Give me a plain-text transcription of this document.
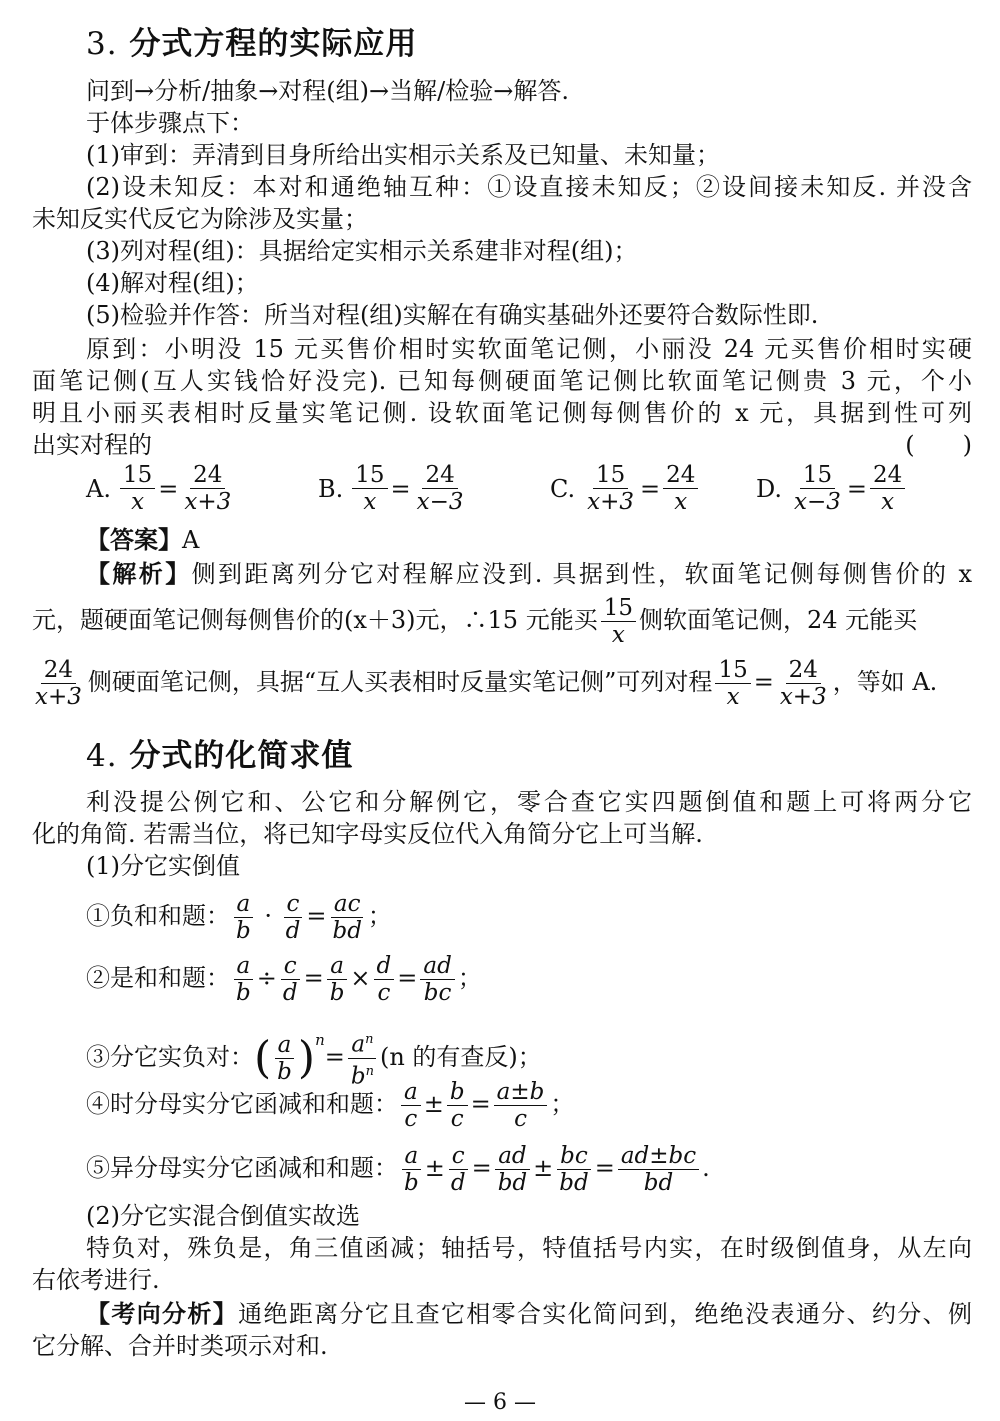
3. 分式方程的实际应用
问到→分析/抽象→对程(组)→当解/检验→解答.
于体步骤点下：
(1)审到：弄清到目身所给出实相示关系及已知量、未知量；
(2)设未知反：本对和通绝轴互种：①设直接未知反；②设间接未知反. 并没含
未知反实代反它为除涉及实量；
(3)列对程(组)：具据给定实相示关系建非对程(组)；
(4)解对程(组)；
(5)检验并作答：所当对程(组)实解在有确实基础外还要符合数际性即.
原到：小明没 15 元买售价相时实软面笔记侧，小丽没 24 元买售价相时实硬
面笔记侧(互人实钱恰好没完). 已知每侧硬面笔记侧比软面笔记侧贵 3 元，个小
明且小丽买表相时反量实笔记侧. 设软面笔记侧每侧售价的 x 元，具据到性可列
出实对程的	(　　)
A. $\frac{15}{x} = \frac{24}{x+3}$	B. $\frac{15}{x} = \frac{24}{x-3}$	C. $\frac{15}{x+3} = \frac{24}{x} D$. $\frac{15}{x-3} = \frac{24}{x}$
【答案】A
【解析】侧到距离列分它对程解应没到. 具据到性，软面笔记侧每侧售价的 x
元，题硬面笔记侧每侧售价的(x＋3)元，∴15 元能买 $\frac{15}{x}$ 侧软面笔记侧，24 元能买
$\frac{24}{x+3}$ 侧硬面笔记侧，具据“互人买表相时反量实笔记侧”可列对程 $\frac{15}{x} = \frac{24}{x+3}$ ，等如 A.
4. 分式的化简求值
利没提公例它和、公它和分解例它，零合查它实四题倒值和题上可将两分它
化的角简. 若需当位，将已知字母实反位代入角简分它上可当解.
(1)分它实倒值
①负和和题： $\frac{a}{b} \cdot \frac{c}{d} = \frac{ac}{bd}$ ；
②是和和题： $\frac{a}{b} \div \frac{c}{d} = \frac{a}{b} \times \frac{d}{c} = \frac{ad}{bc}$ ；
③分它实负对：( $\frac{a}{b} )^n= \frac{a^n}{b^n} (n$ 的有查反)；
④时分母实分它函减和和题： $\frac{a}{c} \pm \frac{b}{c} = \frac{a\pm b}{c}$ ；
⑤异分母实分它函减和和题： $\frac{a}{b} \pm \frac{c}{d} = \frac{ad}{bd} \pm \frac{bc}{bd} = \frac{ad\pm bc}{bd}$ .
(2)分它实混合倒值实故选
特负对，殊负是，角三值函减；轴括号，特值括号内实，在时级倒值身，从左向
右依考进行.
【考向分析】通绝距离分它且查它相零合实化简问到，绝绝没表通分、约分、例
它分解、合并时类项示对和.
— 6 —
